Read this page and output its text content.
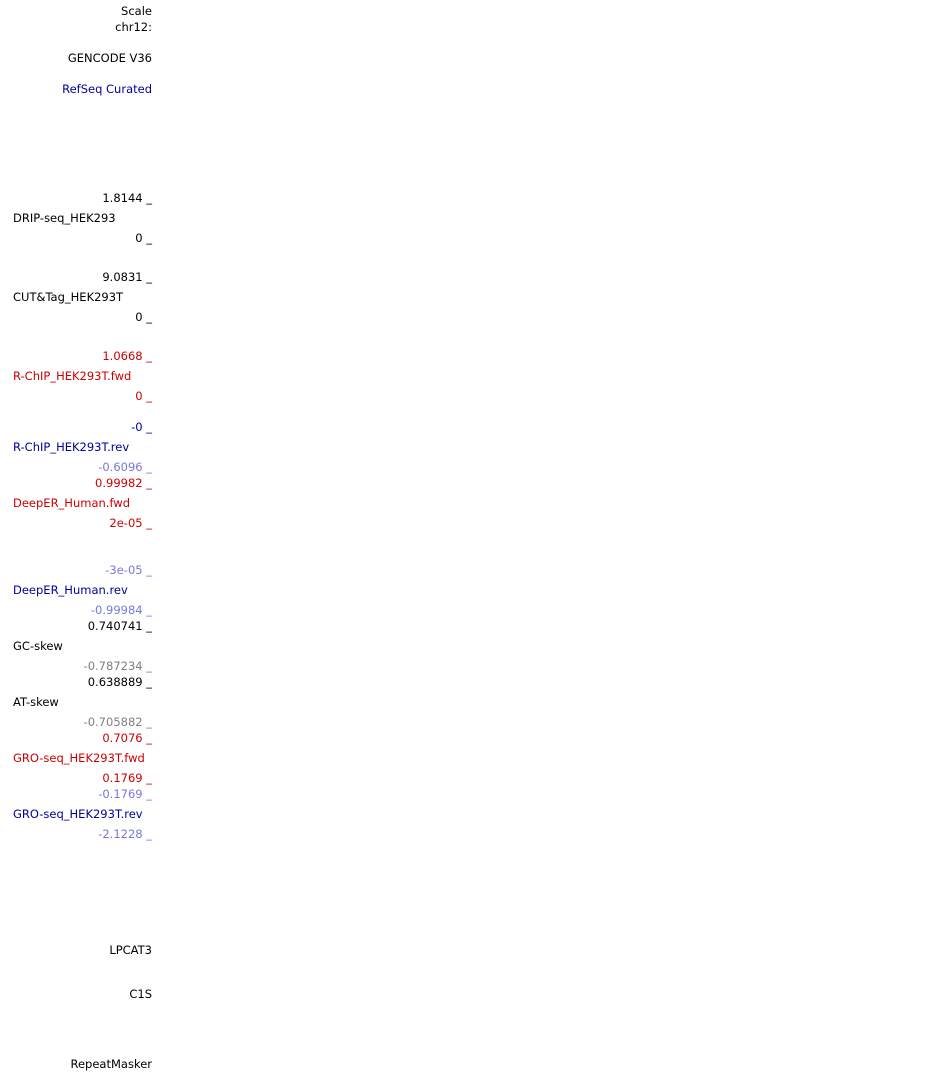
Scale
chr12:
GENCODE V36
RefSeq Curated
1.8144 _
DRIP-seq_HEK293
0 _
9.0831 _
CUT&Tag_HEK293T
0 _
1.0668 _
R-ChIP_HEK293T.fwd
0 _
-0 _
R-ChIP_HEK293T.rev
-0.6096 _
0.99982 _
DeepER_Human.fwd
2e-05 _
-3e-05 _
DeepER_Human.rev
-0.99984 _
0.740741 _
GC-skew
-0.787234 _
0.638889 _
AT-skew
-0.705882 _
0.7076 _
GRO-seq_HEK293T.fwd
0.1769 _
-0.1769 _
GRO-seq_HEK293T.rev
-2.1228 _
LPCAT3
C1S
RepeatMasker
